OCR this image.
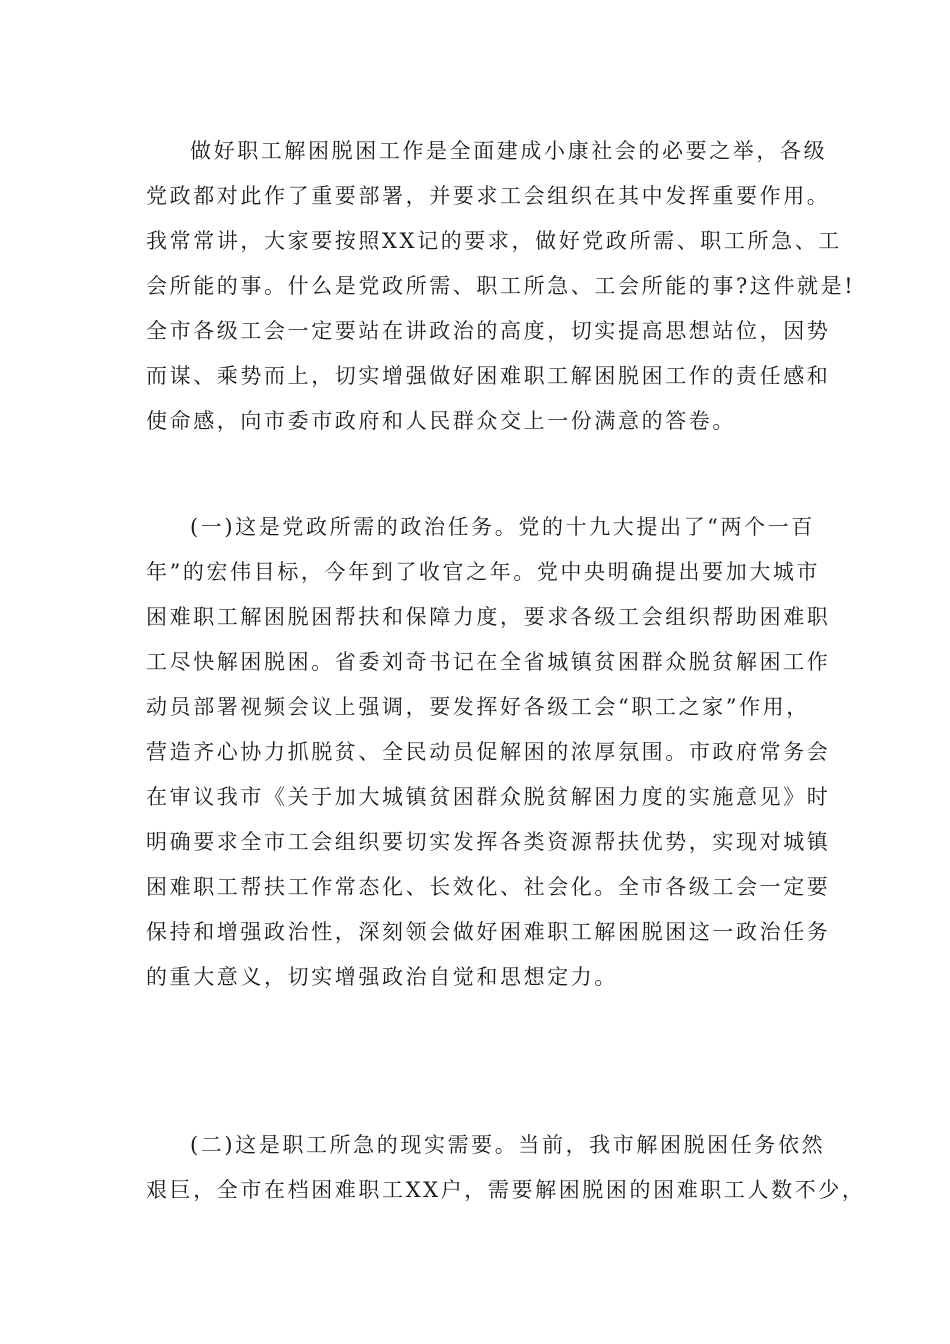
做好职工解困脱困工作是全面建成小康社会的必要之举，各级
党政都对此作了重要部署，并要求工会组织在其中发挥重要作用。
我常常讲，大家要按照XX记的要求，做好党政所需、职工所急、工
会所能的事。什么是党政所需、职工所急、工会所能的事?这件就是!
全市各级工会一定要站在讲政治的高度，切实提高思想站位，因势
而谋、乘势而上，切实增强做好困难职工解困脱困工作的责任感和
使命感，向市委市政府和人民群众交上一份满意的答卷。
(一)这是党政所需的政治任务。党的十九大提出了“两个一百
年”的宏伟目标，今年到了收官之年。党中央明确提出要加大城市
困难职工解困脱困帮扶和保障力度，要求各级工会组织帮助困难职
工尽快解困脱困。省委刘奇书记在全省城镇贫困群众脱贫解困工作
动员部署视频会议上强调，要发挥好各级工会“职工之家”作用，
营造齐心协力抓脱贫、全民动员促解困的浓厚氛围。市政府常务会
在审议我市《关于加大城镇贫困群众脱贫解困力度的实施意见》时
明确要求全市工会组织要切实发挥各类资源帮扶优势，实现对城镇
困难职工帮扶工作常态化、长效化、社会化。全市各级工会一定要
保持和增强政治性，深刻领会做好困难职工解困脱困这一政治任务
的重大意义，切实增强政治自觉和思想定力。
(二)这是职工所急的现实需要。当前，我市解困脱困任务依然
艰巨，全市在档困难职工XX户，需要解困脱困的困难职工人数不少，
